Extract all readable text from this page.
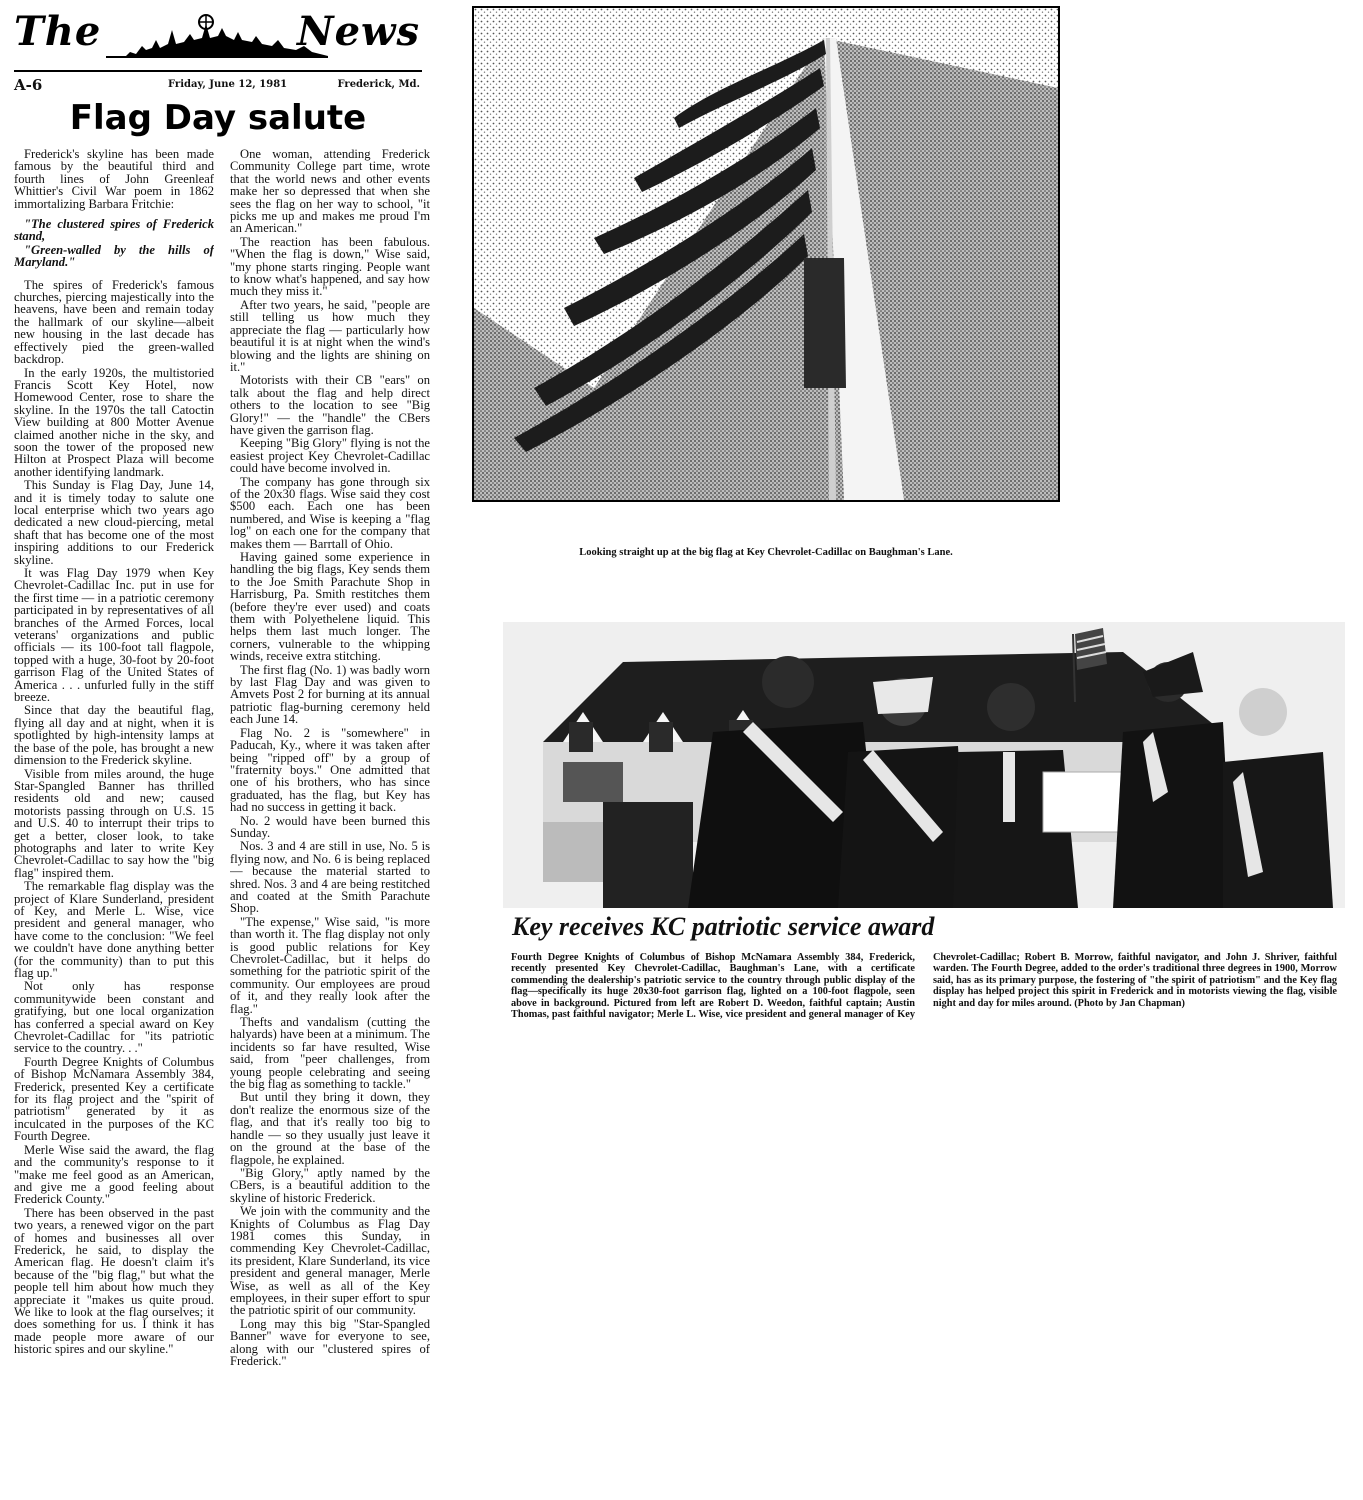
The	News
A-6	Friday, June 12, 1981	Frederick, Md.
Flag Day salute

Frederick's skyline has been made famous by the beautiful third and fourth lines of John Greenleaf Whittier's Civil War poem in 1862 immortalizing Barbara Fritchie:

"The clustered spires of Frederick stand,

"Green-walled by the hills of Maryland."

The spires of Frederick's famous churches, piercing majestically into the heavens, have been and remain today the hallmark of our skyline—albeit new housing in the last decade has effectively pied the green-walled backdrop.

In the early 1920s, the multistoried Francis Scott Key Hotel, now Homewood Center, rose to share the skyline. In the 1970s the tall Catoctin View building at 800 Motter Avenue claimed another niche in the sky, and soon the tower of the proposed new Hilton at Prospect Plaza will become another identifying landmark.

This Sunday is Flag Day, June 14, and it is timely today to salute one local enterprise which two years ago dedicated a new cloud-piercing, metal shaft that has become one of the most inspiring additions to our Frederick skyline.

It was Flag Day 1979 when Key Chevrolet-Cadillac Inc. put in use for the first time — in a patriotic ceremony participated in by representatives of all branches of the Armed Forces, local veterans' organizations and public officials — its 100-foot tall flagpole, topped with a huge, 30-foot by 20-foot garrison Flag of the United States of America . . . unfurled fully in the stiff breeze.

Since that day the beautiful flag, flying all day and at night, when it is spotlighted by high-intensity lamps at the base of the pole, has brought a new dimension to the Frederick skyline.

Visible from miles around, the huge Star-Spangled Banner has thrilled residents old and new; caused motorists passing through on U.S. 15 and U.S. 40 to interrupt their trips to get a better, closer look, to take photographs and later to write Key Chevrolet-Cadillac to say how the "big flag" inspired them.

The remarkable flag display was the project of Klare Sunderland, president of Key, and Merle L. Wise, vice president and general manager, who have come to the conclusion: "We feel we couldn't have done anything better (for the community) than to put this flag up."

Not only has response communitywide been constant and gratifying, but one local organization has conferred a special award on Key Chevrolet-Cadillac for "its patriotic service to the country. . ."

Fourth Degree Knights of Columbus of Bishop McNamara Assembly 384, Frederick, presented Key a certificate for its flag project and the "spirit of patriotism" generated by it as inculcated in the purposes of the KC Fourth Degree.

Merle Wise said the award, the flag and the community's response to it "make me feel good as an American, and give me a good feeling about Frederick County."

There has been observed in the past two years, a renewed vigor on the part of homes and businesses all over Frederick, he said, to display the American flag. He doesn't claim it's because of the "big flag," but what the people tell him about how much they appreciate it "makes us quite proud. We like to look at the flag ourselves; it does something for us. I think it has made people more aware of our historic spires and our skyline."

One woman, attending Frederick Community College part time, wrote that the world news and other events make her so depressed that when she sees the flag on her way to school, "it picks me up and makes me proud I'm an American."

The reaction has been fabulous. "When the flag is down," Wise said, "my phone starts ringing. People want to know what's happened, and say how much they miss it."

After two years, he said, "people are still telling us how much they appreciate the flag — particularly how beautiful it is at night when the wind's blowing and the lights are shining on it."

Motorists with their CB "ears" on talk about the flag and help direct others to the location to see "Big Glory!" — the "handle" the CBers have given the garrison flag.

Keeping "Big Glory" flying is not the easiest project Key Chevrolet-Cadillac could have become involved in.

The company has gone through six of the 20x30 flags. Wise said they cost $500 each. Each one has been numbered, and Wise is keeping a "flag log" on each one for the company that makes them — Barrtall of Ohio.

Having gained some experience in handling the big flags, Key sends them to the Joe Smith Parachute Shop in Harrisburg, Pa. Smith restitches them (before they're ever used) and coats them with Polyethelene liquid. This helps them last much longer. The corners, vulnerable to the whipping winds, receive extra stitching.

The first flag (No. 1) was badly worn by last Flag Day and was given to Amvets Post 2 for burning at its annual patriotic flag-burning ceremony held each June 14.

Flag No. 2 is "somewhere" in Paducah, Ky., where it was taken after being "ripped off" by a group of "fraternity boys." One admitted that one of his brothers, who has since graduated, has the flag, but Key has had no success in getting it back.

No. 2 would have been burned this Sunday.

Nos. 3 and 4 are still in use, No. 5 is flying now, and No. 6 is being replaced — because the material started to shred. Nos. 3 and 4 are being restitched and coated at the Smith Parachute Shop.

"The expense," Wise said, "is more than worth it. The flag display not only is good public relations for Key Chevrolet-Cadillac, but it helps do something for the patriotic spirit of the community. Our employees are proud of it, and they really look after the flag."

Thefts and vandalism (cutting the halyards) have been at a minimum. The incidents so far have resulted, Wise said, from "peer challenges, from young people celebrating and seeing the big flag as something to tackle."

But until they bring it down, they don't realize the enormous size of the flag, and that it's really too big to handle — so they usually just leave it on the ground at the base of the flagpole, he explained.

"Big Glory," aptly named by the CBers, is a beautiful addition to the skyline of historic Frederick.

We join with the community and the Knights of Columbus as Flag Day 1981 comes this Sunday, in commending Key Chevrolet-Cadillac, its president, Klare Sunderland, its vice president and general manager, Merle Wise, as well as all of the Key employees, in their super effort to spur the patriotic spirit of our community.

Long may this big "Star-Spangled Banner" wave for everyone to see, along with our "clustered spires of Frederick."

Looking straight up at the big flag at Key Chevrolet-Cadillac on Baughman's Lane.
Key receives KC patriotic service award

Fourth Degree Knights of Columbus of Bishop McNamara Assembly 384, Frederick, recently presented Key Chevrolet-Cadillac, Baughman's Lane, with a certificate commending the dealership's patriotic service to the country through public display of the flag—specifically its huge 20x30-foot garrison flag, lighted on a 100-foot flagpole, seen above in background. Pictured from left are Robert D. Weedon, faithful captain; Austin Thomas, past faithful navigator; Merle L. Wise, vice president and general manager of Key Chevrolet-Cadillac; Robert B. Morrow, faithful navigator, and John J. Shriver, faithful warden. The Fourth Degree, added to the order's traditional three degrees in 1900, Morrow said, has as its primary purpose, the fostering of "the spirit of patriotism" and the Key flag display has helped project this spirit in Frederick and in motorists viewing the flag, visible night and day for miles around. (Photo by Jan Chapman)
